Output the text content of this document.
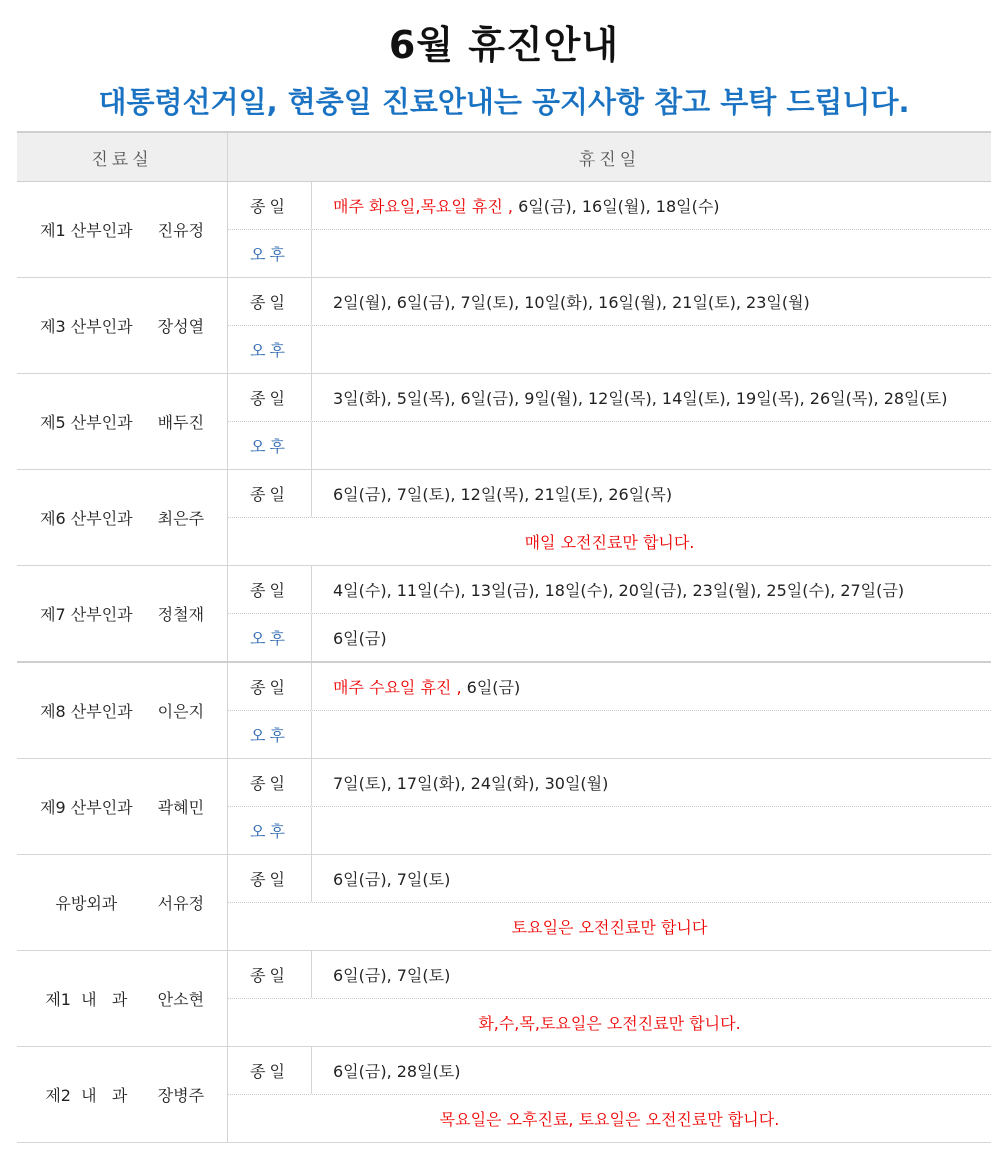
6월 휴진안내
대통령선거일, 현충일 진료안내는 공지사항 참고 부탁 드립니다.
진료실	휴진일
제1 산부인과	진유정
종일	매주 화요일,목요일 휴진 , 6일(금), 16일(월), 18일(수)
오후
제3 산부인과	장성열
종일	2일(월), 6일(금), 7일(토), 10일(화), 16일(월), 21일(토), 23일(월)
오후
제5 산부인과	배두진
종일	3일(화), 5일(목), 6일(금), 9일(월), 12일(목), 14일(토), 19일(목), 26일(목), 28일(토)
오후
제6 산부인과	최은주
종일	6일(금), 7일(토), 12일(목), 21일(토), 26일(목)
매일 오전진료만 합니다.
제7 산부인과	정철재
종일	4일(수), 11일(수), 13일(금), 18일(수), 20일(금), 23일(월), 25일(수), 27일(금)
오후	6일(금)
제8 산부인과	이은지
종일	매주 수요일 휴진 , 6일(금)
오후
제9 산부인과	곽혜민
종일	7일(토), 17일(화), 24일(화), 30일(월)
오후
유방외과	서유정
종일	6일(금), 7일(토)
토요일은 오전진료만 합니다
제1  내   과	안소현
종일	6일(금), 7일(토)
화,수,목,토요일은 오전진료만 합니다.
제2  내   과	장병주
종일	6일(금), 28일(토)
목요일은 오후진료, 토요일은 오전진료만 합니다.
